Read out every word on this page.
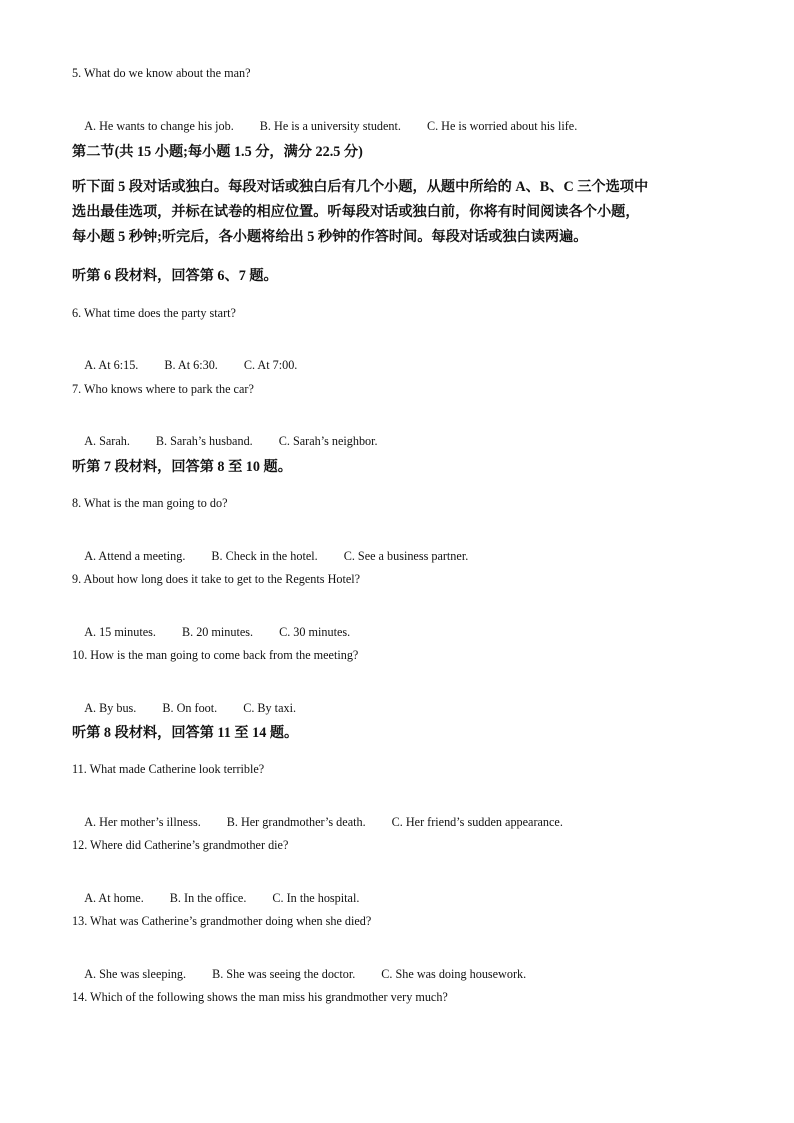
5. What do we know about the man?

A. He wants to change his job. B. He is a university student. C. He is worried about his life.

第二节(共 15 小题;每小题 1.5 分，满分 22.5 分)
听下面 5 段对话或独白。每段对话或独白后有几个小题，从题中所给的 A、B、C 三个选项中
选出最佳选项，并标在试卷的相应位置。听每段对话或独白前，你将有时间阅读各个小题，
每小题 5 秒钟;听完后，各小题将给出 5 秒钟的作答时间。每段对话或独白读两遍。
听第 6 段材料，回答第 6、7 题。
6. What time does the party start?

A. At 6:15. B. At 6:30. C. At 7:00.

7. Who knows where to park the car?

A. Sarah. B. Sarah’s husband. C. Sarah’s neighbor.

听第 7 段材料，回答第 8 至 10 题。
8. What is the man going to do?

A. Attend a meeting. B. Check in the hotel. C. See a business partner.

9. About how long does it take to get to the Regents Hotel?

A. 15 minutes. B. 20 minutes. C. 30 minutes.

10. How is the man going to come back from the meeting?

A. By bus. B. On foot. C. By taxi.

听第 8 段材料，回答第 11 至 14 题。
11. What made Catherine look terrible?

A. Her mother’s illness. B. Her grandmother’s death. C. Her friend’s sudden appearance.

12. Where did Catherine’s grandmother die?

A. At home. B. In the office. C. In the hospital.

13. What was Catherine’s grandmother doing when she died?

A. She was sleeping. B. She was seeing the doctor. C. She was doing housework.

14. Which of the following shows the man miss his grandmother very much?
